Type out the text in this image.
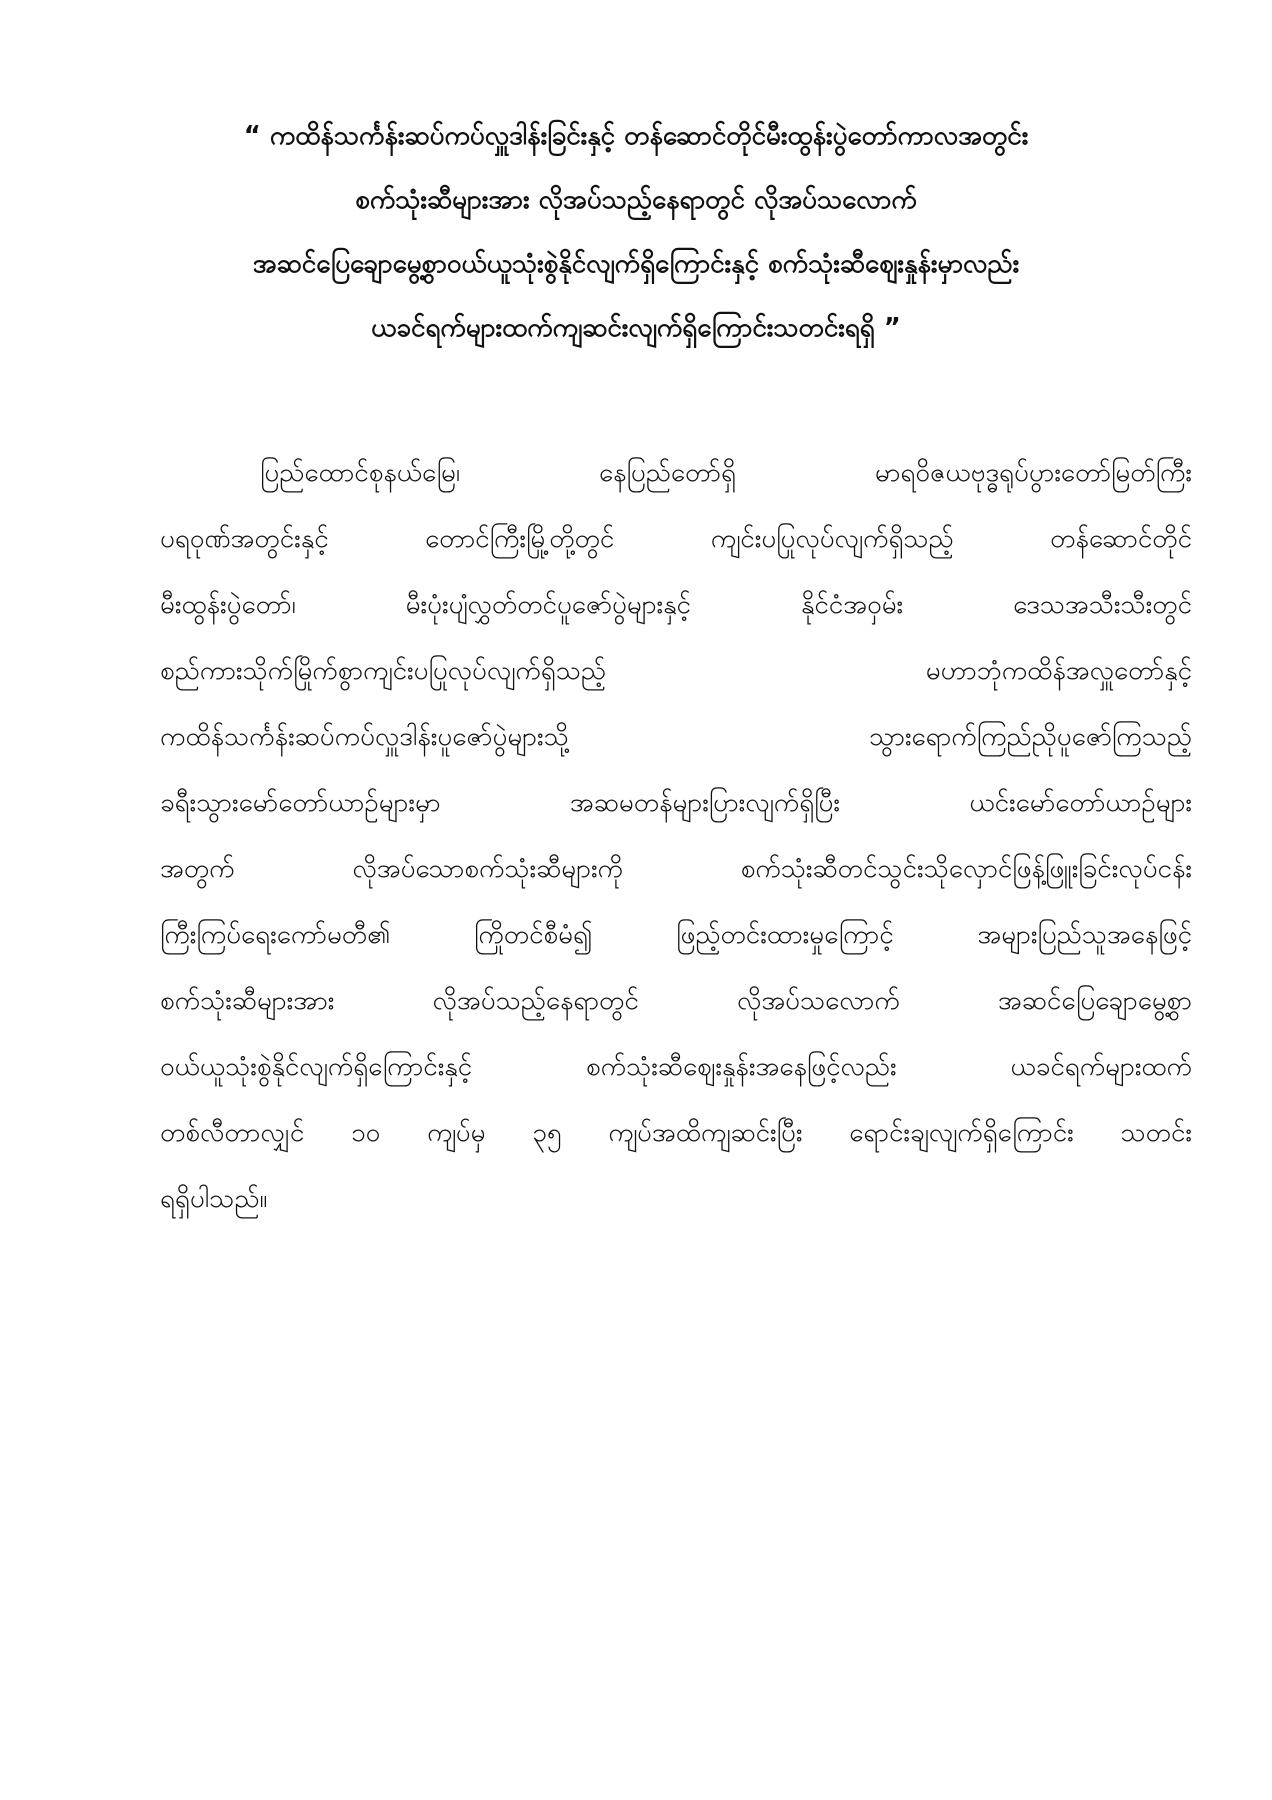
“ ကထိန်သင်္ကန်းဆပ်ကပ်လှူဒါန်းခြင်းနှင့် တန်ဆောင်တိုင်မီးထွန်းပွဲတော်ကာလအတွင်း
စက်သုံးဆီများအား လိုအပ်သည့်နေရာတွင် လိုအပ်သလောက်
အဆင်ပြေချောမွေ့စွာဝယ်ယူသုံးစွဲနိုင်လျက်ရှိကြောင်းနှင့် စက်သုံးဆီဈေးနှုန်းမှာလည်း
ယခင်ရက်များထက်ကျဆင်းလျက်ရှိကြောင်းသတင်းရရှိ ”
ပြည်ထောင်စုနယ်မြေ၊ နေပြည်တော်ရှိ မာရဝိဇယဗုဒ္ဓရုပ်ပွားတော်မြတ်ကြီး
ပရဝုဏ်အတွင်းနှင့် တောင်ကြီးမြို့တို့တွင် ကျင်းပပြုလုပ်လျက်ရှိသည့် တန်ဆောင်တိုင်
မီးထွန်းပွဲတော်၊ မီးပုံးပျံလွှတ်တင်ပူဇော်ပွဲများနှင့် နိုင်ငံအဝှမ်း ဒေသအသီးသီးတွင်
စည်ကားသိုက်မြိုက်စွာကျင်းပပြုလုပ်လျက်ရှိသည့် မဟာဘုံကထိန်အလှူတော်နှင့်
ကထိန်သင်္ကန်းဆပ်ကပ်လှူဒါန်းပူဇော်ပွဲများသို့ သွားရောက်ကြည်ညိုပူဇော်ကြသည့်
ခရီးသွားမော်တော်ယာဉ်များမှာ အဆမတန်များပြားလျက်ရှိပြီး ယင်းမော်တော်ယာဉ်များ
အတွက် လိုအပ်သောစက်သုံးဆီများကို စက်သုံးဆီတင်သွင်းသိုလှောင်ဖြန့်ဖြူးခြင်းလုပ်ငန်း
ကြီးကြပ်ရေးကော်မတီ၏ ကြိုတင်စီမံ၍ ဖြည့်တင်းထားမှုကြောင့် အများပြည်သူအနေဖြင့်
စက်သုံးဆီများအား လိုအပ်သည့်နေရာတွင် လိုအပ်သလောက် အဆင်ပြေချောမွေ့စွာ
ဝယ်ယူသုံးစွဲနိုင်လျက်ရှိကြောင်းနှင့် စက်သုံးဆီဈေးနှုန်းအနေဖြင့်လည်း ယခင်ရက်များထက်
တစ်လီတာလျှင် ၁၀ ကျပ်မှ ၃၅ ကျပ်အထိကျဆင်းပြီး ရောင်းချလျက်ရှိကြောင်း သတင်း
ရရှိပါသည်။
